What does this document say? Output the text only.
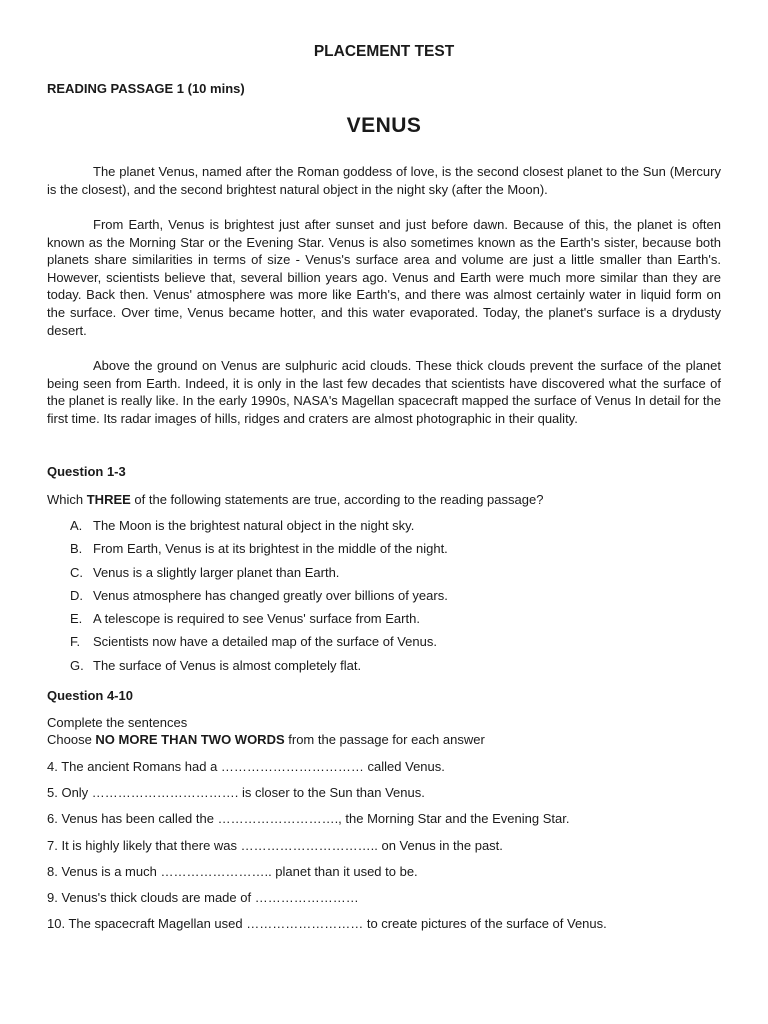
PLACEMENT TEST

READING PASSAGE 1 (10 mins)

VENUS

The planet Venus, named after the Roman goddess of love, is the second closest planet to the Sun (Mercury is the closest), and the second brightest natural object in the night sky (after the Moon).

From Earth, Venus is brightest just after sunset and just before dawn. Because of this, the planet is often known as the Morning Star or the Evening Star. Venus is also sometimes known as the Earth's sister, because both planets share similarities in terms of size - Venus's surface area and volume are just a little smaller than Earth's. However, scientists believe that, several billion years ago. Venus and Earth were much more similar than they are today. Back then. Venus' atmosphere was more like Earth's, and there was almost certainly water in liquid form on the surface. Over time, Venus became hotter, and this water evaporated. Today, the planet's surface is a drydusty desert.

Above the ground on Venus are sulphuric acid clouds. These thick clouds prevent the surface of the planet being seen from Earth. Indeed, it is only in the last few decades that scientists have discovered what the surface of the planet is really like. In the early 1990s, NASA's Magellan spacecraft mapped the surface of Venus In detail for the first time. Its radar images of hills, ridges and craters are almost photographic in their quality.

Question 1-3

Which THREE of the following statements are true, according to the reading passage?

A. The Moon is the brightest natural object in the night sky.
B. From Earth, Venus is at its brightest in the middle of the night.
C. Venus is a slightly larger planet than Earth.
D. Venus atmosphere has changed greatly over billions of years.
E. A telescope is required to see Venus' surface from Earth.
F. Scientists now have a detailed map of the surface of Venus.
G. The surface of Venus is almost completely flat.

Question 4-10

Complete the sentences

Choose NO MORE THAN TWO WORDS from the passage for each answer

4. The ancient Romans had a …………………………… called Venus.
5. Only ……………………………. is closer to the Sun than Venus.
6. Venus has been called the ………………………., the Morning Star and the Evening Star.
7. It is highly likely that there was ………………………….. on Venus in the past.
8. Venus is a much …………………….. planet than it used to be.
9. Venus's thick clouds are made of ……………………
10. The spacecraft Magellan used ……………………… to create pictures of the surface of Venus.
